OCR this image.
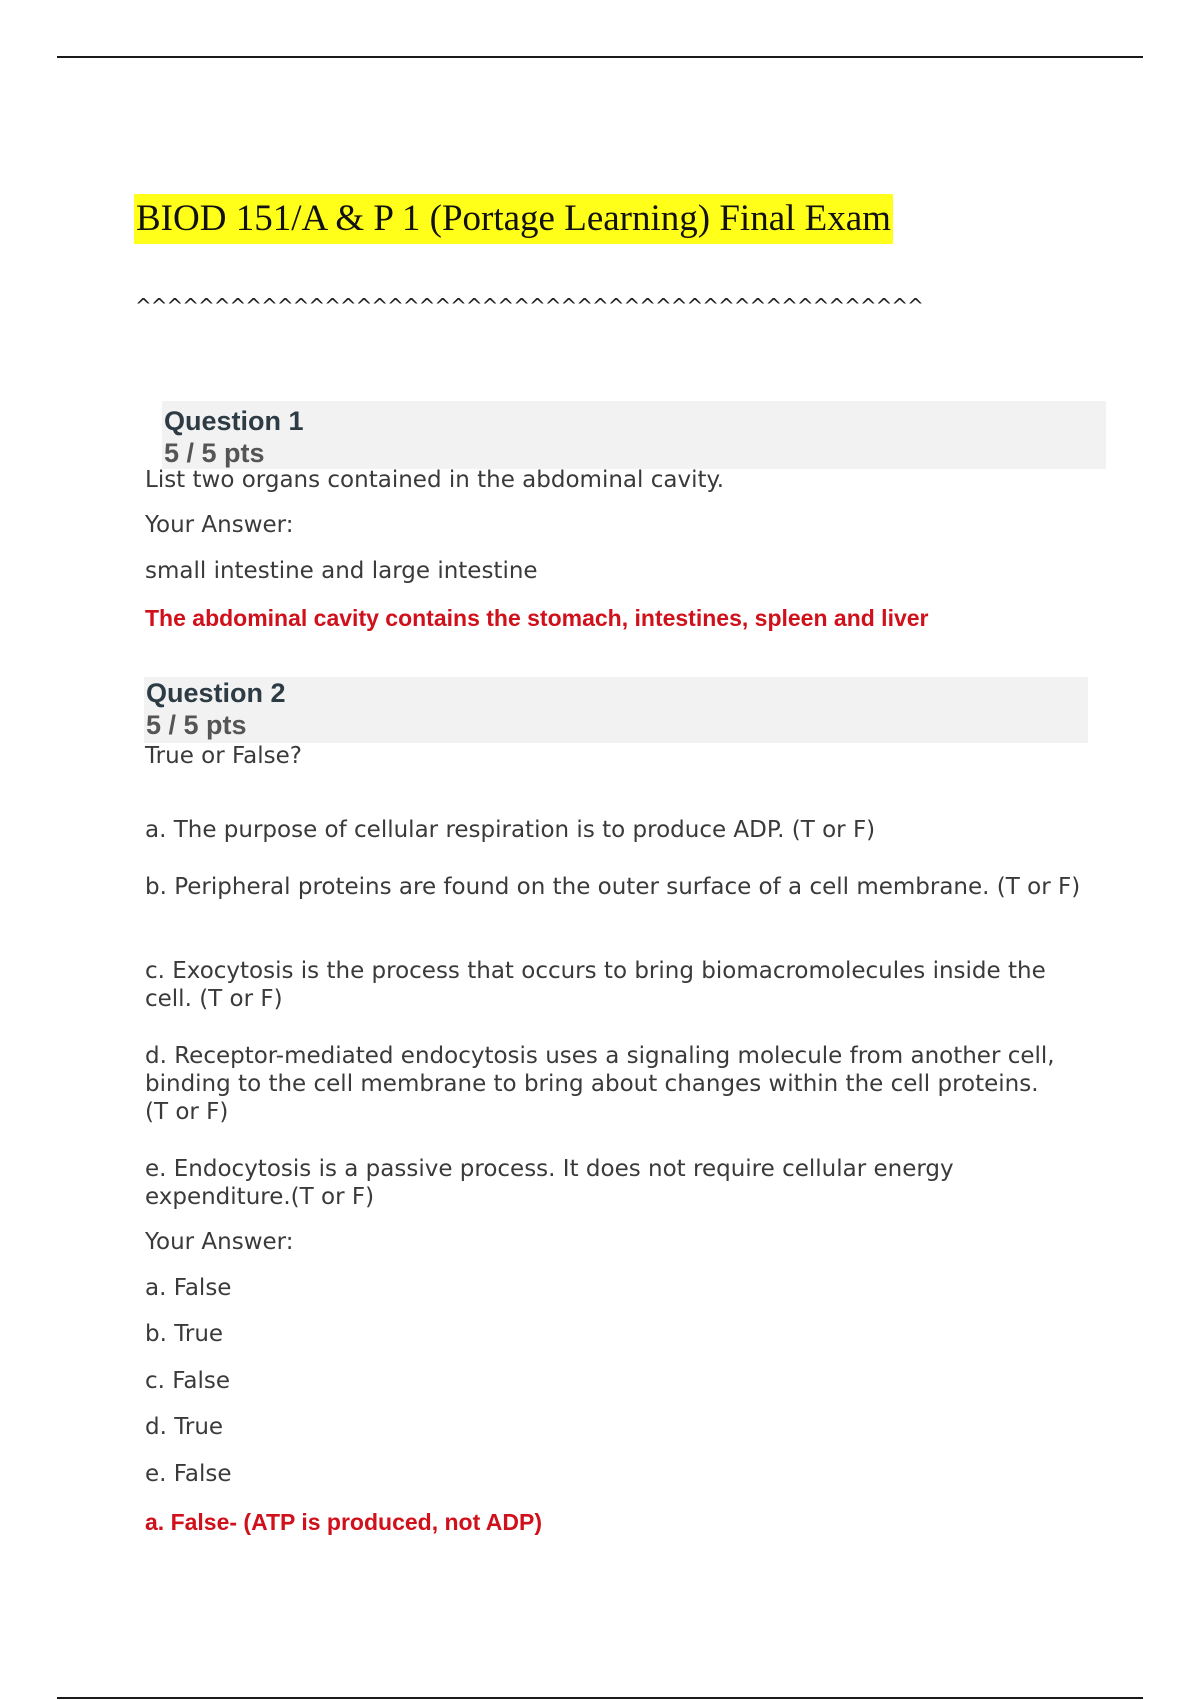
BIOD 151/A & P 1 (Portage Learning) Final Exam
^^^^^^^^^^^^^^^^^^^^^^^^^^^^^^^^^^^^^^^^^^^^^^^^^^
Question 1
5 / 5 pts
List two organs contained in the abdominal cavity.
Your Answer:
small intestine and large intestine
The abdominal cavity contains the stomach, intestines, spleen and liver
Question 2
5 / 5 pts
True or False?
a. The purpose of cellular respiration is to produce ADP. (T or F)
b. Peripheral proteins are found on the outer surface of a cell membrane. (T or F)
c. Exocytosis is the process that occurs to bring biomacromolecules inside the cell. (T or F)
d. Receptor-mediated endocytosis uses a signaling molecule from another cell, binding to the cell membrane to bring about changes within the cell proteins. (T or F)
e. Endocytosis is a passive process. It does not require cellular energy expenditure.(T or F)
Your Answer:
a. False
b. True
c. False
d. True
e. False
a. False- (ATP is produced, not ADP)
